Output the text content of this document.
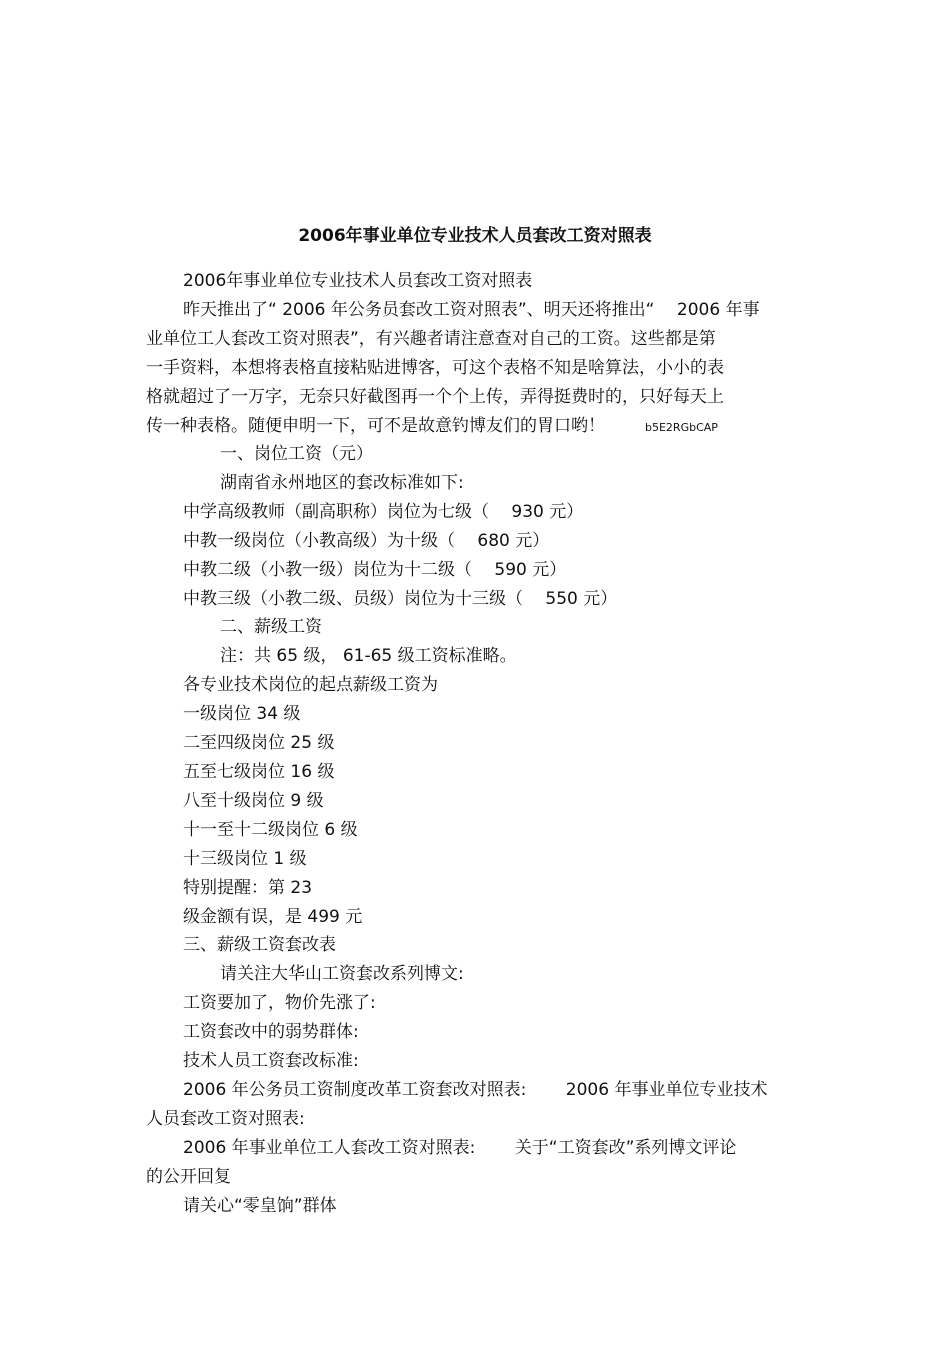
2006年事业单位专业技术人员套改工资对照表
2006年事业单位专业技术人员套改工资对照表
昨天推出了“ 2006 年公务员套改工资对照表”、明天还将推出“　 2006 年事
业单位工人套改工资对照表”，有兴趣者请注意查对自己的工资。这些都是第
一手资料，本想将表格直接粘贴进博客，可这个表格不知是啥算法，小小的表
格就超过了一万字，无奈只好截图再一个个上传，弄得挺费时的，只好每天上
传一种表格。随便申明一下，可不是故意钓博友们的胃口哟！	b5E2RGbCAP
一、岗位工资（元）
湖南省永州地区的套改标准如下:
中学高级教师（副高职称）岗位为七级（　 930 元）
中教一级岗位（小教高级）为十级（　 680 元）
中教二级（小教一级）岗位为十二级（　 590 元）
中教三级（小教二级、员级）岗位为十三级（　 550 元）
二、薪级工资
注：共 65 级， 61-65 级工资标准略。
各专业技术岗位的起点薪级工资为
一级岗位 34 级
二至四级岗位 25 级
五至七级岗位 16 级
八至十级岗位 9 级
十一至十二级岗位 6 级
十三级岗位 1 级
特别提醒：第 23
级金额有误，是 499 元
三、薪级工资套改表
请关注大华山工资套改系列博文:
工资要加了，物价先涨了:
工资套改中的弱势群体:
技术人员工资套改标准:
2006 年公务员工资制度改革工资套改对照表:　　 2006 年事业单位专业技术
人员套改工资对照表:
2006 年事业单位工人套改工资对照表:　　 关于“工资套改”系列博文评论
的公开回复
请关心“零皇饷”群体
